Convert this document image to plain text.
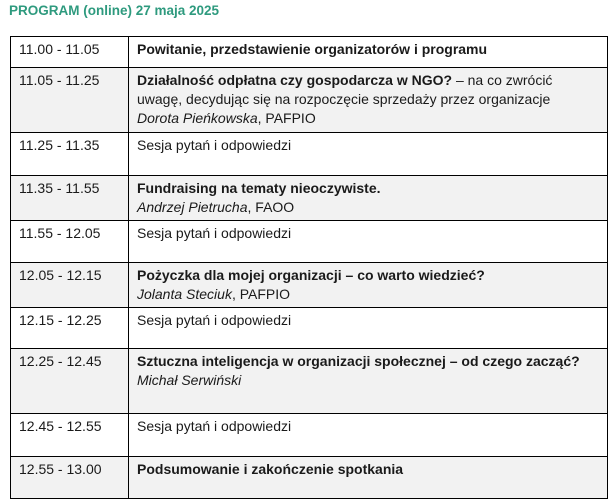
PROGRAM (online) 27 maja 2025
11.00 - 11.05	Powitanie, przedstawienie organizatorów i programu
11.05 - 11.25	Działalność odpłatna czy gospodarcza w NGO? – na co zwrócić uwagę, decydując się na rozpoczęcie sprzedaży przez organizacje
Dorota Pieńkowska, PAFPIO
11.25 - 11.35	Sesja pytań i odpowiedzi
11.35 - 11.55	Fundraising na tematy nieoczywiste.
Andrzej Pietrucha, FAOO
11.55 - 12.05	Sesja pytań i odpowiedzi
12.05 - 12.15	Pożyczka dla mojej organizacji – co warto wiedzieć?
Jolanta Steciuk, PAFPIO
12.15 - 12.25	Sesja pytań i odpowiedzi
12.25 - 12.45	Sztuczna inteligencja w organizacji społecznej – od czego zacząć?
Michał Serwiński
12.45 - 12.55	Sesja pytań i odpowiedzi
12.55 - 13.00	Podsumowanie i zakończenie spotkania
